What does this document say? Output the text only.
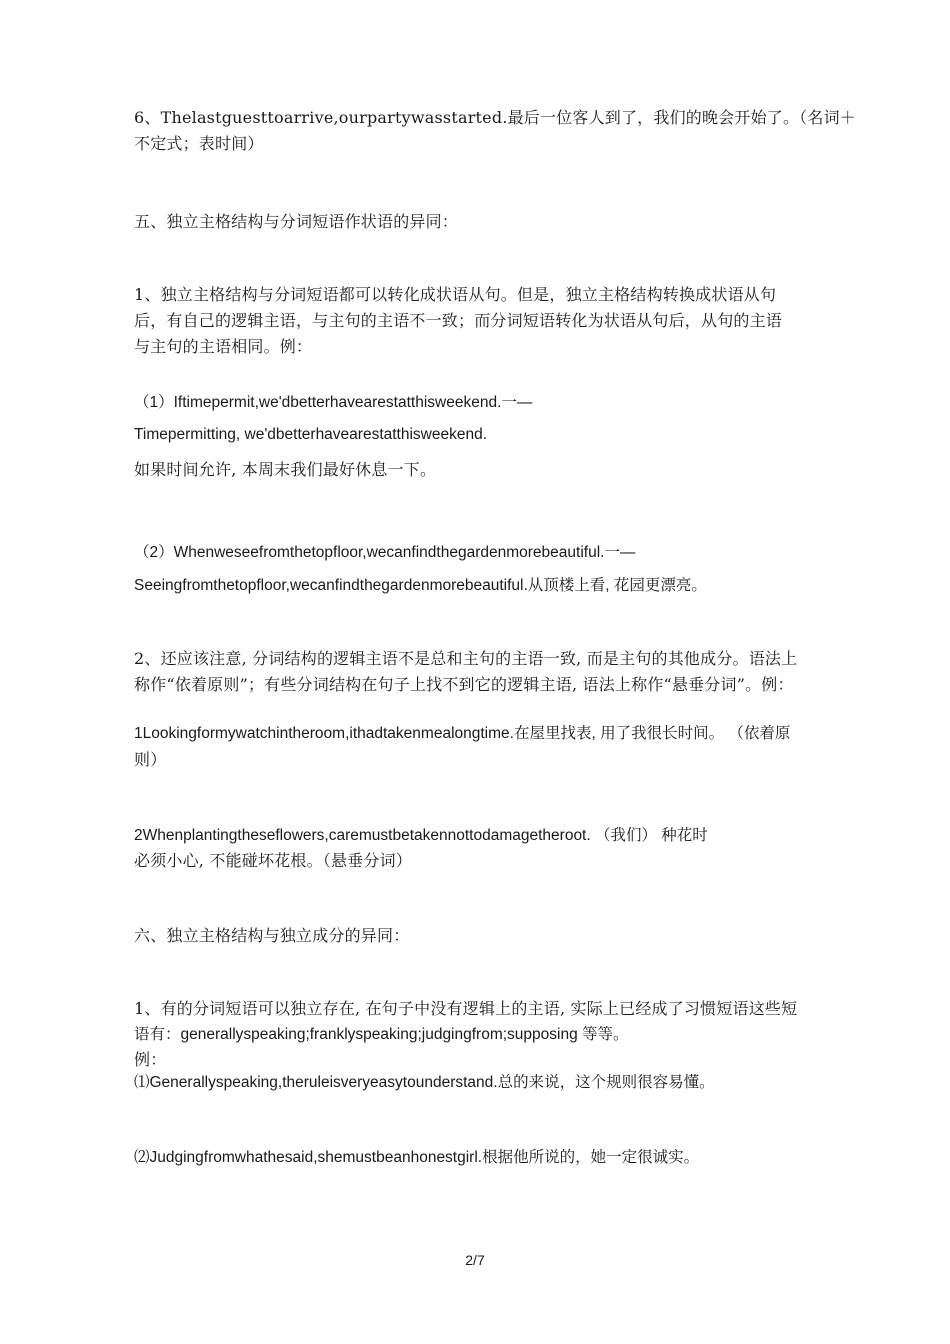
6、Thelastguesttoarrive,ourpartywasstarted.最后一位客人到了，我们的晚会开始了。（名词＋
不定式；表时间）
五、独立主格结构与分词短语作状语的异同：
1、独立主格结构与分词短语都可以转化成状语从句。但是，独立主格结构转换成状语从句
后，有自己的逻辑主语，与主句的主语不一致；而分词短语转化为状语从句后，从句的主语
与主句的主语相同。例：
（1）Iftimepermit,we'dbetterhavearestatthisweekend.一—
Timepermitting, we'dbetterhavearestatthisweekend.
如果时间允许, 本周末我们最好休息一下。
（2）Whenweseefromthetopfloor,wecanfindthegardenmorebeautiful.一—
Seeingfromthetopfloor,wecanfindthegardenmorebeautiful.从顶楼上看, 花园更漂亮。
2、还应该注意, 分词结构的逻辑主语不是总和主句的主语一致, 而是主句的其他成分。语法上
称作“依着原则”；有些分词结构在句子上找不到它的逻辑主语, 语法上称作“悬垂分词”。例：
1Lookingformywatchintheroom,ithadtakenmealongtime.在屋里找表, 用了我很长时间。 （依着原
则）
2Whenplantingtheseflowers,caremustbetakennottodamagetheroot. （我们） 种花时
必须小心, 不能碰坏花根。（悬垂分词）
六、独立主格结构与独立成分的异同：
1、有的分词短语可以独立存在, 在句子中没有逻辑上的主语, 实际上已经成了习惯短语这些短
语有：generallyspeaking;franklyspeaking;judgingfrom;supposing 等等。
例：
⑴Generallyspeaking,theruleisveryeasytounderstand.总的来说，这个规则很容易懂。
⑵Judgingfromwhathesaid,shemustbeanhonestgirl.根据他所说的，她一定很诚实。
2/7
